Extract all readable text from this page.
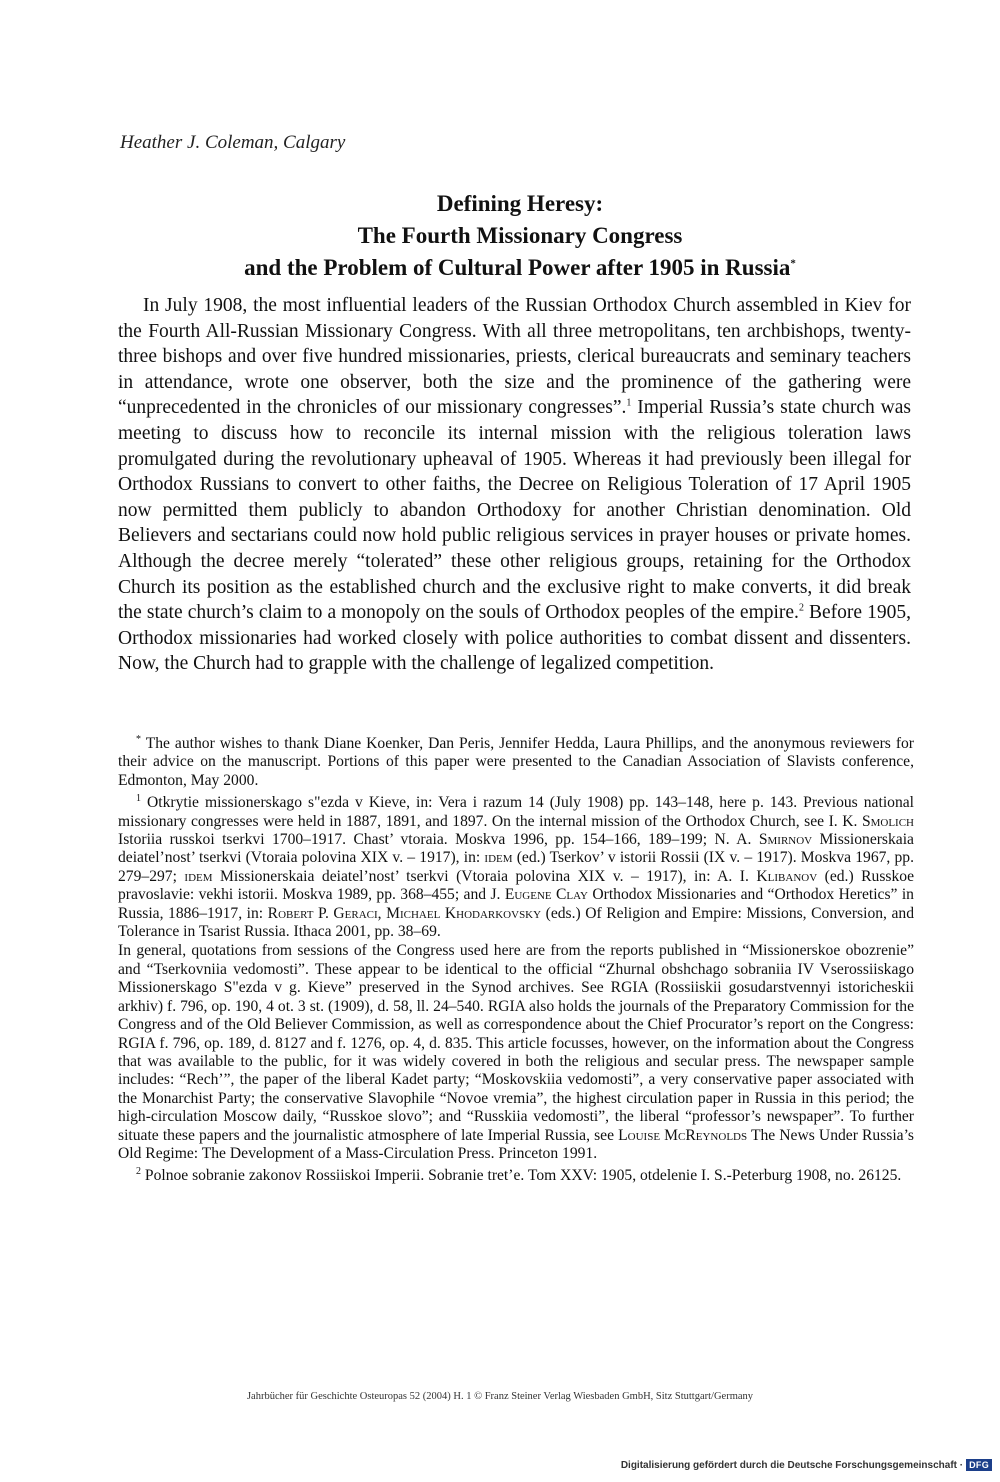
Heather J. Coleman, Calgary
Defining Heresy:
The Fourth Missionary Congress
and the Problem of Cultural Power after 1905 in Russia*

In July 1908, the most influential leaders of the Russian Orthodox Church assembled in Kiev for the Fourth All-Russian Missionary Congress. With all three metropolitans, ten archbishops, twenty-three bishops and over five hundred missionaries, priests, clerical bureaucrats and seminary teachers in attendance, wrote one observer, both the size and the prominence of the gathering were “unprecedented in the chronicles of our missionary congresses”.$^1$ Imperial Russia’s state church was meeting to discuss how to reconcile its internal mission with the religious toleration laws promulgated during the revolutionary upheaval of 1905. Whereas it had previously been illegal for Orthodox Russians to convert to other faiths, the Decree on Religious Toleration of 17 April 1905 now permitted them publicly to abandon Orthodoxy for another Christian denomination. Old Believers and sectarians could now hold public religious services in prayer houses or private homes. Although the decree merely “tolerated” these other religious groups, retaining for the Orthodox Church its position as the established church and the exclusive right to make converts, it did break the state church’s claim to a monopoly on the souls of Orthodox peoples of the empire.$^2$ Before 1905, Orthodox missionaries had worked closely with police authorities to combat dissent and dissenters. Now, the Church had to grapple with the challenge of legalized competition.

* The author wishes to thank Diane Koenker, Dan Peris, Jennifer Hedda, Laura Phillips, and the anonymous reviewers for their advice on the manuscript. Portions of this paper were presented to the Canadian Association of Slavists conference, Edmonton, May 2000.

$^1$ Otkrytie missionerskago s"ezda v Kieve, in: Vera i razum 14 (July 1908) pp. 143–148, here p. 143. Previous national missionary congresses were held in 1887, 1891, and 1897. On the internal mission of the Orthodox Church, see I. K. Smolich Istoriia russkoi tserkvi 1700–1917. Chast’ vtoraia. Moskva 1996, pp. 154–166, 189–199; N. A. Smirnov Missionerskaia deiatel’nost’ tserkvi (Vtoraia polovina XIX v. – 1917), in: idem (ed.) Tserkov’ v istorii Rossii (IX v. – 1917). Moskva 1967, pp. 279–297; idem Missionerskaia deiatel’nost’ tserkvi (Vtoraia polovina XIX v. – 1917), in: A. I. Klibanov (ed.) Russkoe pravoslavie: vekhi istorii. Moskva 1989, pp. 368–455; and J. Eugene Clay Orthodox Missionaries and “Orthodox Heretics” in Russia, 1886–1917, in: Robert P. Geraci, Michael Khodarkovsky (eds.) Of Religion and Empire: Missions, Conversion, and Tolerance in Tsarist Russia. Ithaca 2001, pp. 38–69.

In general, quotations from sessions of the Congress used here are from the reports published in “Missionerskoe obozrenie” and “Tserkovniia vedomosti”. These appear to be identical to the official “Zhurnal obshchago sobraniia IV Vserossiiskago Missionerskago S"ezda v g. Kieve” preserved in the Synod archives. See RGIA (Rossiiskii gosudarstvennyi istoricheskii arkhiv) f. 796, op. 190, 4 ot. 3 st. (1909), d. 58, ll. 24–540. RGIA also holds the journals of the Preparatory Commission for the Congress and of the Old Believer Commission, as well as correspondence about the Chief Procurator’s report on the Congress: RGIA f. 796, op. 189, d. 8127 and f. 1276, op. 4, d. 835. This article focusses, however, on the information about the Congress that was available to the public, for it was widely covered in both the religious and secular press. The newspaper sample includes: “Rech’”, the paper of the liberal Kadet party; “Moskovskiia vedomosti”, a very conservative paper associated with the Monarchist Party; the conservative Slavophile “Novoe vremia”, the highest circulation paper in Russia in this period; the high-circulation Moscow daily, “Russkoe slovo”; and “Russkiia vedomosti”, the liberal “professor’s newspaper”. To further situate these papers and the journalistic atmosphere of late Imperial Russia, see Louise McReynolds The News Under Russia’s Old Regime: The Development of a Mass-Circulation Press. Princeton 1991.

$^2$ Polnoe sobranie zakonov Rossiiskoi Imperii. Sobranie tret’e. Tom XXV: 1905, otdelenie I. S.-Peterburg 1908, no. 26125.

Jahrbücher für Geschichte Osteuropas 52 (2004) H. 1 © Franz Steiner Verlag Wiesbaden GmbH, Sitz Stuttgart/Germany
Digitalisierung gefördert durch die Deutsche Forschungsgemeinschaft · DFG
